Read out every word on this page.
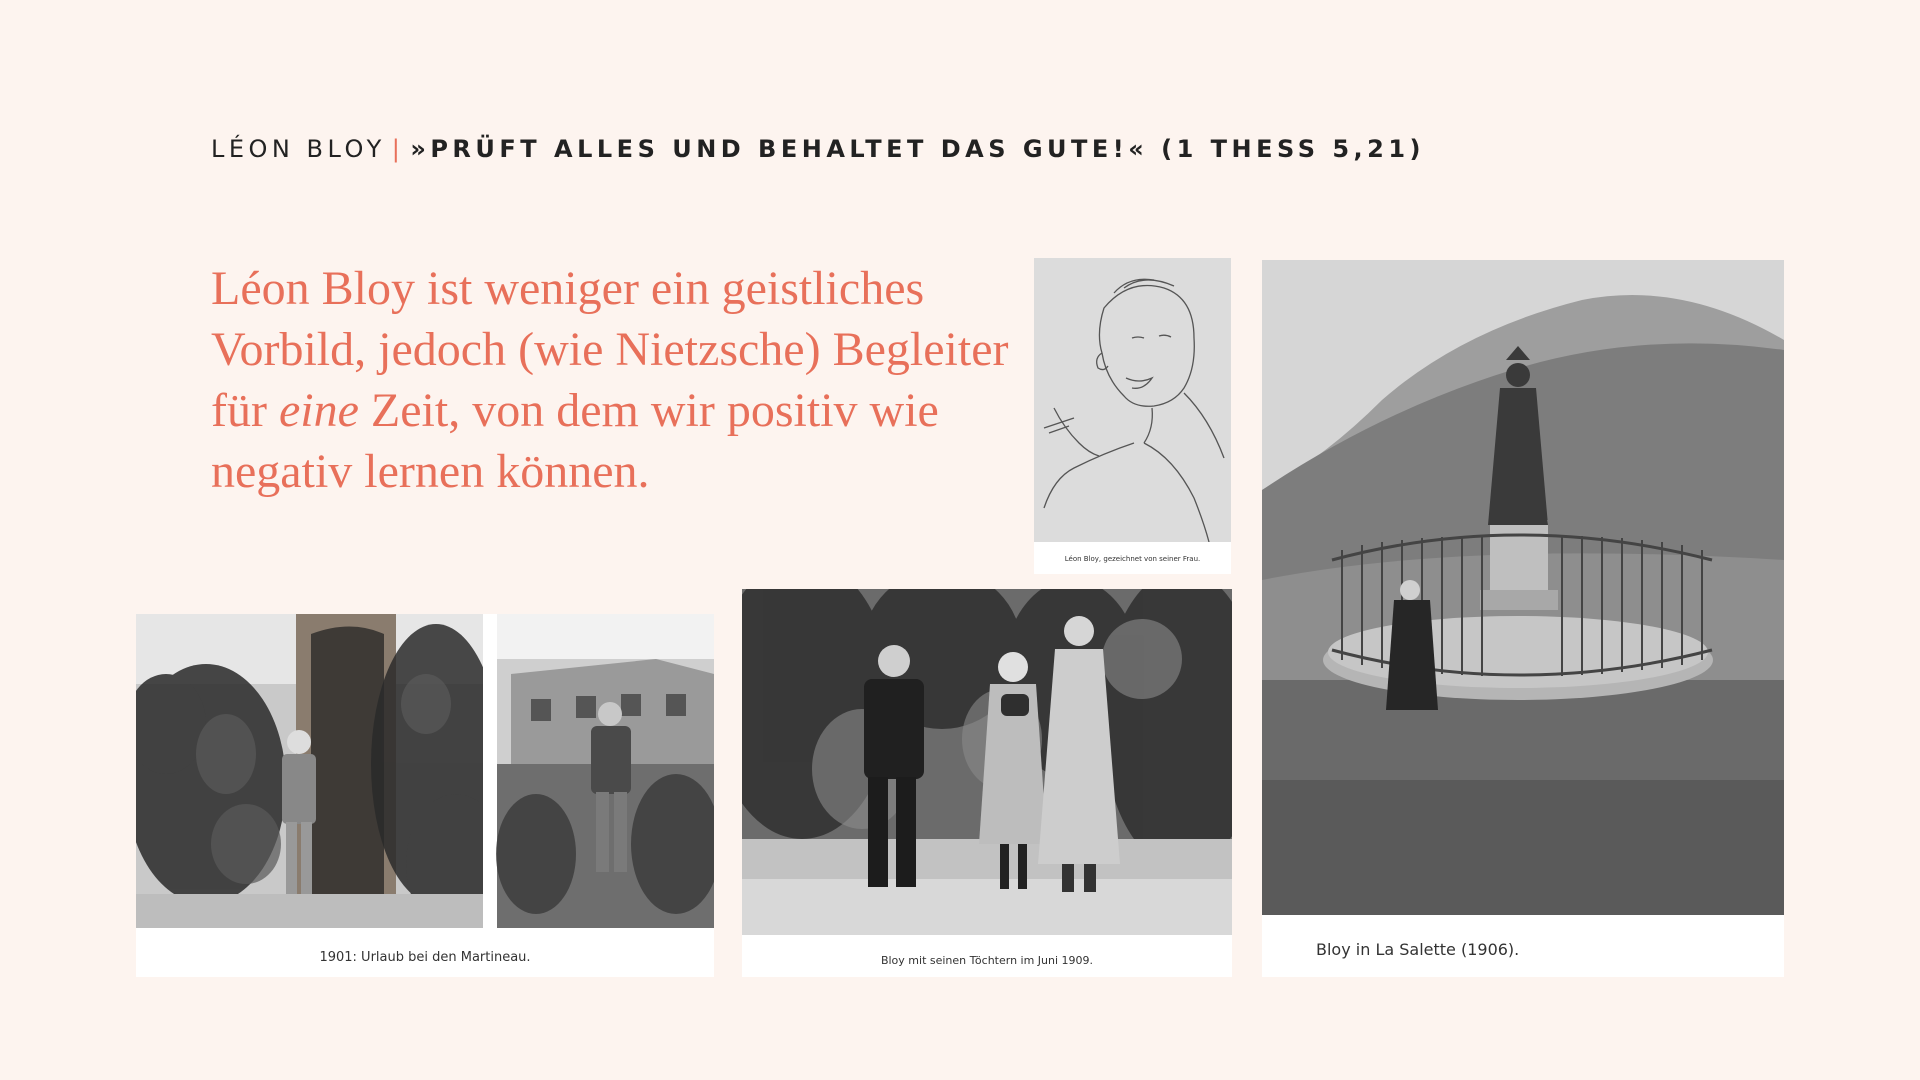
LÉON BLOY | »PRÜFT ALLES UND BEHALTET DAS GUTE!« (1 THESS 5,21)
Léon Bloy ist weniger ein geistliches Vorbild, jedoch (wie Nietzsche) Begleiter für eine Zeit, von dem wir positiv wie negativ lernen können.
Léon Bloy, gezeichnet von seiner Frau.
1901: Urlaub bei den Martineau.	Bloy mit seinen Töchtern im Juni 1909.
Bloy in La Salette (1906).
